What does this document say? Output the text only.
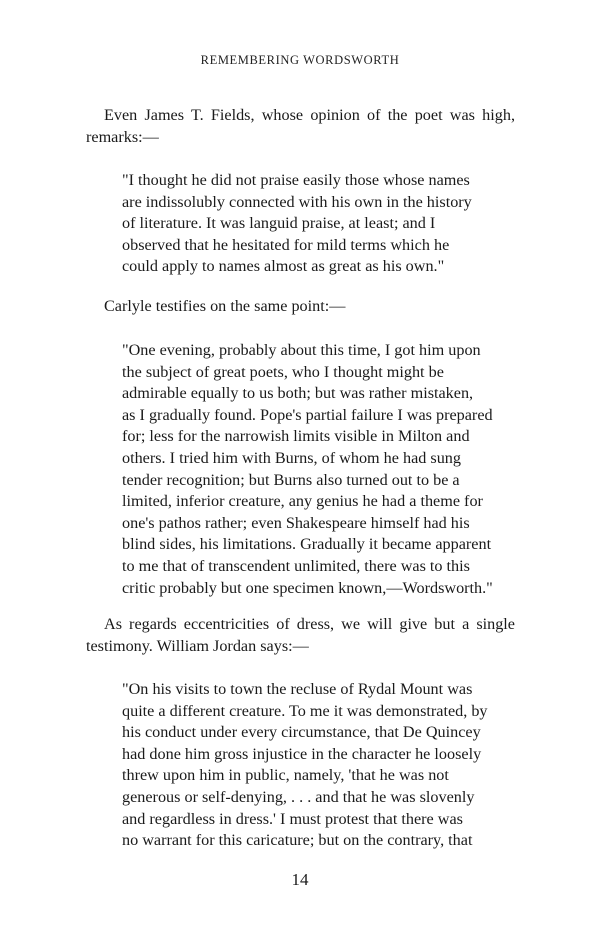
REMEMBERING WORDSWORTH

Even James T. Fields, whose opinion of the poet was high, remarks:—

"I thought he did not praise easily those whose names
are indissolubly connected with his own in the history
of literature. It was languid praise, at least; and I
observed that he hesitated for mild terms which he
could apply to names almost as great as his own."

Carlyle testifies on the same point:—

"One evening, probably about this time, I got him upon
the subject of great poets, who I thought might be
admirable equally to us both; but was rather mistaken,
as I gradually found. Pope's partial failure I was prepared
for; less for the narrowish limits visible in Milton and
others. I tried him with Burns, of whom he had sung
tender recognition; but Burns also turned out to be a
limited, inferior creature, any genius he had a theme for
one's pathos rather; even Shakespeare himself had his
blind sides, his limitations. Gradually it became apparent
to me that of transcendent unlimited, there was to this
critic probably but one specimen known,—Wordsworth."

As regards eccentricities of dress, we will give but a single testimony. William Jordan says:—

"On his visits to town the recluse of Rydal Mount was
quite a different creature. To me it was demonstrated, by
his conduct under every circumstance, that De Quincey
had done him gross injustice in the character he loosely
threw upon him in public, namely, 'that he was not
generous or self-denying, . . . and that he was slovenly
and regardless in dress.' I must protest that there was
no warrant for this caricature; but on the contrary, that
14
